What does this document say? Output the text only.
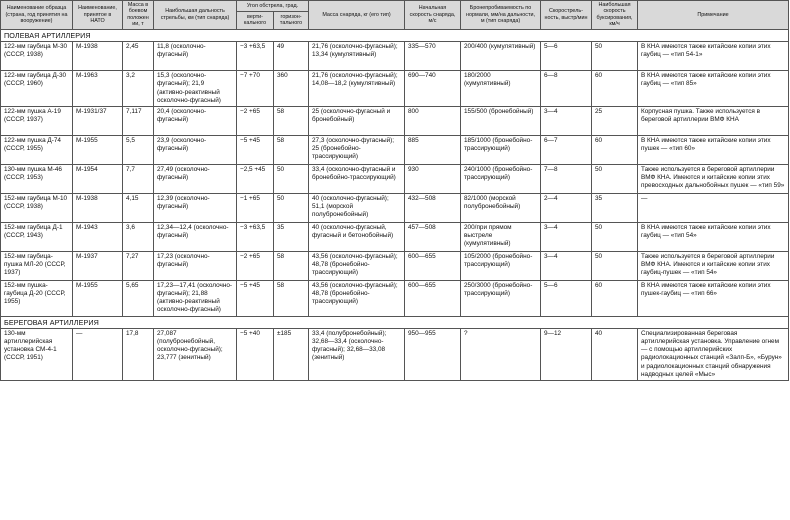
Наименование образца (страна, год принятия на вооружение)	Наименование, принятое в НАТО	Масса в боевом положении, т	Наибольшая дальность стрельбы, км (тип снаряда)	Угол обстрела, град.		Масса снаряда, кг (его тип)	Начальная скорость снаряда, м/с	Бронепробиваемость по нормали, мм/на дальности, м (тип снаряда)	Скорострель-ность, выстр/мин	Наибольшая скорость буксирования, км/ч	Примечание
				верти-кального	горизон-тального						
ПОЛЕВАЯ АРТИЛЛЕРИЯ											
122-мм гаубица М-30 (СССР, 1938)	М-1938	2,45	11,8 (осколочно-фугасный)	−3 +63,5	49	21,76 (осколочно-фугасный); 13,34 (кумулятивный)	335—570	200/400 (кумулятивный)	5—6	50	В КНА имеются также китайские копии этих гаубиц — «тип 54-1»
122-мм гаубица Д-30 (СССР, 1960)	М-1963	3,2	15,3 (осколочно-фугасный); 21,9 (активно-реактивный осколочно-фугасный)	−7 +70	360	21,76 (осколочно-фугасный); 14,08—18,2 (кумулятивный)	690—740	180/2000 (кумулятивный)	6—8	60	В КНА имеются также китайские копии этих гаубиц — «тип 85»
122-мм пушка А-19 (СССР, 1937)	М-1931/37	7,117	20,4 (осколочно-фугасный)	−2 +65	58	25 (осколочно-фугасный и бронебойный)	800	155/500 (бронебойный)	3—4	25	Корпусная пушка. Также используется в береговой артиллерии ВМФ КНА
122-мм пушка Д-74 (СССР, 1955)	М-1955	5,5	23,9 (осколочно-фугасный)	−5 +45	58	27,3 (осколочно-фугасный); 25 (бронебойно-трассирующий)	885	185/1000 (бронебойно-трассирующий)	6—7	60	В КНА имеются также китайские копии этих пушек — «тип 60»
130-мм пушка М-46 (СССР, 1953)	М-1954	7,7	27,49 (осколочно-фугасный)	−2,5 +45	50	33,4 (осколочно-фугасный и бронебойно-трассирующий)	930	240/1000 (бронебойно-трассирующий)	7—8	50	Также используется в береговой артиллерии ВМФ КНА. Имеются и китайские копии этих превосходных дальнобойных пушек — «тип 59»
152-мм гаубица М-10 (СССР, 1938)	М-1938	4,15	12,39 (осколочно-фугасный)	−1 +65	50	40 (осколочно-фугасный); 51,1 (морской полубронебойный)	432—508	82/1000 (морской полубронебойный)	2—4	35	—
152-мм гаубица Д-1 (СССР, 1943)	М-1943	3,6	12,34—12,4 (осколочно-фугасный)	−3 +63,5	35	40 (осколочно-фугасный, фугасный и бетонобойный)	457—508	200/при прямом выстреле (кумулятивный)	3—4	50	В КНА имеются также китайские копии этих гаубиц — «тип 54»
152-мм гаубица-пушка МЛ-20 (СССР, 1937)	М-1937	7,27	17,23 (осколочно-фугасный)	−2 +65	58	43,56 (осколочно-фугасный); 48,78 (бронебойно-трассирующий)	600—655	105/2000 (бронебойно-трассирующий)	3—4	50	Также используется в береговой артиллерии ВМФ КНА. Имеются и китайские копии этих гаубиц-пушек — «тип 54»
152-мм пушка-гаубица Д-20 (СССР, 1955)	М-1955	5,65	17,23—17,41 (осколочно-фугасный); 21,88 (активно-реактивный осколочно-фугасный)	−5 +45	58	43,56 (осколочно-фугасный); 48,78 (бронебойно-трассирующий)	600—655	250/3000 (бронебойно-трассирующий)	5—6	60	В КНА имеются также китайские копии этих пушек-гаубиц — «тип 66»
БЕРЕГОВАЯ АРТИЛЛЕРИЯ											
130-мм артиллерийская установка СМ-4-1 (СССР, 1951)	—	17,8	27,087 (полубронебойный, осколочно-фугасный); 23,777 (зенитный)	−5 +40	±185	33,4 (полубронебойный); 32,68—33,4 (осколочно-фугасный); 32,68—33,08 (зенитный)	950—955	?	9—12	40	Специализированная береговая артиллерийская установка. Управление огнем — с помощью артиллерийских радиолокационных станций «Залп-Б», «Бурун» и радиолокационных станций обнаружения надводных целей «Мыс»
